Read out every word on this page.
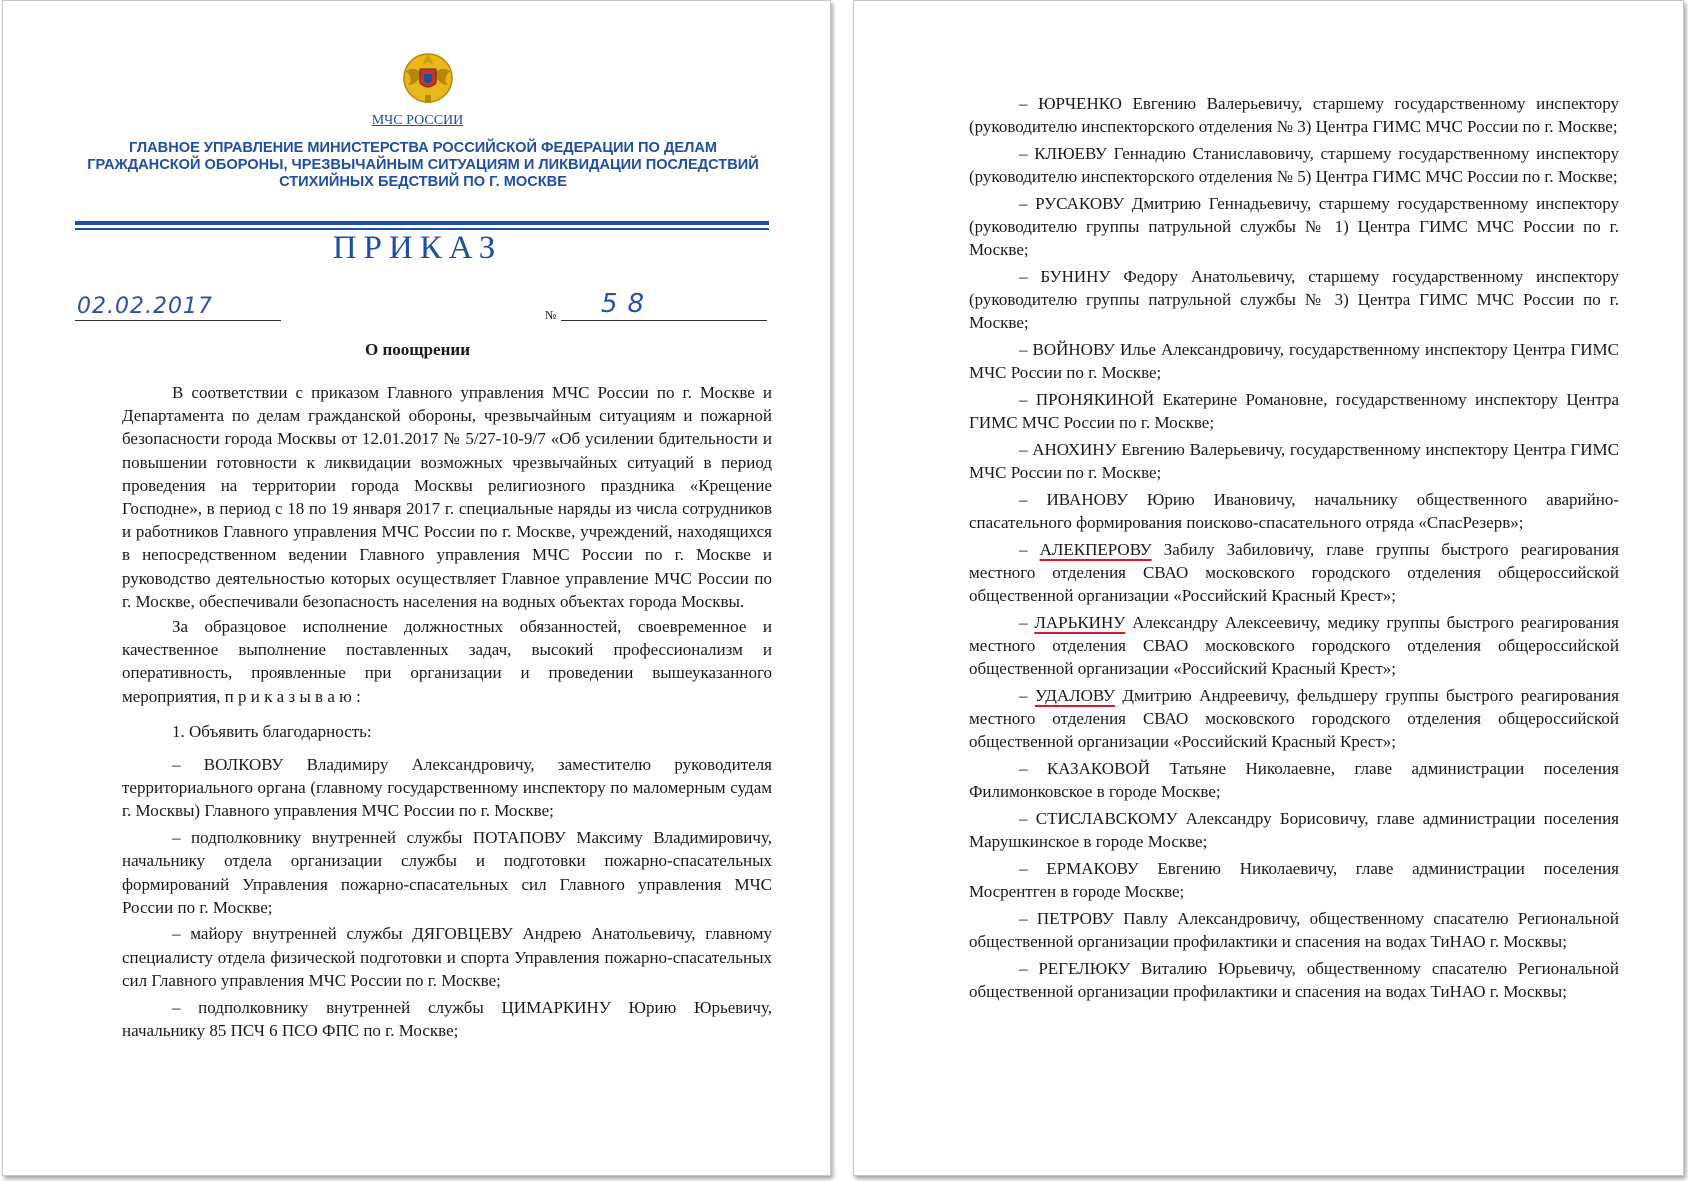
МЧС РОССИИ
ГЛАВНОЕ УПРАВЛЕНИЕ МИНИСТЕРСТВА РОССИЙСКОЙ ФЕДЕРАЦИИ ПО ДЕЛАМ
ГРАЖДАНСКОЙ ОБОРОНЫ, ЧРЕЗВЫЧАЙНЫМ СИТУАЦИЯМ И ЛИКВИДАЦИИ ПОСЛЕДСТВИЙ
СТИХИЙНЫХ БЕДСТВИЙ ПО Г. МОСКВЕ
ПРИКАЗ
02.02.2017	№ 58
О поощрении

В соответствии с приказом Главного управления МЧС России по г. Москве и Департамента по делам гражданской обороны, чрезвычайным ситуациям и пожарной безопасности города Москвы от 12.01.2017 № 5/27-10-9/7 «Об усилении бдительности и повышении готовности к ликвидации возможных чрезвычайных ситуаций в период проведения на территории города Москвы религиозного праздника «Крещение Господне», в период с 18 по 19 января 2017 г. специальные наряды из числа сотрудников и работников Главного управления МЧС России по г. Москве, учреждений, находящихся в непосредственном ведении Главного управления МЧС России по г. Москве и руководство деятельностью которых осуществляет Главное управление МЧС России по г. Москве, обеспечивали безопасность населения на водных объектах города Москвы.

За образцовое исполнение должностных обязанностей, своевременное и качественное выполнение поставленных задач, высокий профессионализм и оперативность, проявленные при организации и проведении вышеуказанного мероприятия, п р и к а з ы в а ю :

1. Объявить благодарность:

– ВОЛКОВУ Владимиру Александровичу, заместителю руководителя территориального органа (главному государственному инспектору по маломерным судам г. Москвы) Главного управления МЧС России по г. Москве;

– подполковнику внутренней службы ПОТАПОВУ Максиму Владимировичу, начальнику отдела организации службы и подготовки пожарно-спасательных формирований Управления пожарно-спасательных сил Главного управления МЧС России по г. Москве;

– майору внутренней службы ДЯГОВЦЕВУ Андрею Анатольевичу, главному специалисту отдела физической подготовки и спорта Управления пожарно-спасательных сил Главного управления МЧС России по г. Москве;

– подполковнику внутренней службы ЦИМАРКИНУ Юрию Юрьевичу, начальнику 85 ПСЧ 6 ПСО ФПС по г. Москве;

– ЮРЧЕНКО Евгению Валерьевичу, старшему государственному инспектору (руководителю инспекторского отделения № 3) Центра ГИМС МЧС России по г. Москве;

– КЛЮЕВУ Геннадию Станиславовичу, старшему государственному инспектору (руководителю инспекторского отделения № 5) Центра ГИМС МЧС России по г. Москве;

– РУСАКОВУ Дмитрию Геннадьевичу, старшему государственному инспектору (руководителю группы патрульной службы № 1) Центра ГИМС МЧС России по г. Москве;

– БУНИНУ Федору Анатольевичу, старшему государственному инспектору (руководителю группы патрульной службы № 3) Центра ГИМС МЧС России по г. Москве;

– ВОЙНОВУ Илье Александровичу, государственному инспектору Центра ГИМС МЧС России по г. Москве;

– ПРОНЯКИНОЙ Екатерине Романовне, государственному инспектору Центра ГИМС МЧС России по г. Москве;

– АНОХИНУ Евгению Валерьевичу, государственному инспектору Центра ГИМС МЧС России по г. Москве;

– ИВАНОВУ Юрию Ивановичу, начальнику общественного аварийно-спасательного формирования поисково-спасательного отряда «СпасРезерв»;

– АЛЕКПЕРОВУ Забилу Забиловичу, главе группы быстрого реагирования местного отделения СВАО московского городского отделения общероссийской общественной организации «Российский Красный Крест»;

– ЛАРЬКИНУ Александру Алексеевичу, медику группы быстрого реагирования местного отделения СВАО московского городского отделения общероссийской общественной организации «Российский Красный Крест»;

– УДАЛОВУ Дмитрию Андреевичу, фельдшеру группы быстрого реагирования местного отделения СВАО московского городского отделения общероссийской общественной организации «Российский Красный Крест»;

– КАЗАКОВОЙ Татьяне Николаевне, главе администрации поселения Филимонковское в городе Москве;

– СТИСЛАВСКОМУ Александру Борисовичу, главе администрации поселения Марушкинское в городе Москве;

– ЕРМАКОВУ Евгению Николаевичу, главе администрации поселения Мосрентген в городе Москве;

– ПЕТРОВУ Павлу Александровичу, общественному спасателю Региональной общественной организации профилактики и спасения на водах ТиНАО г. Москвы;

– РЕГЕЛЮКУ Виталию Юрьевичу, общественному спасателю Региональной общественной организации профилактики и спасения на водах ТиНАО г. Москвы;
